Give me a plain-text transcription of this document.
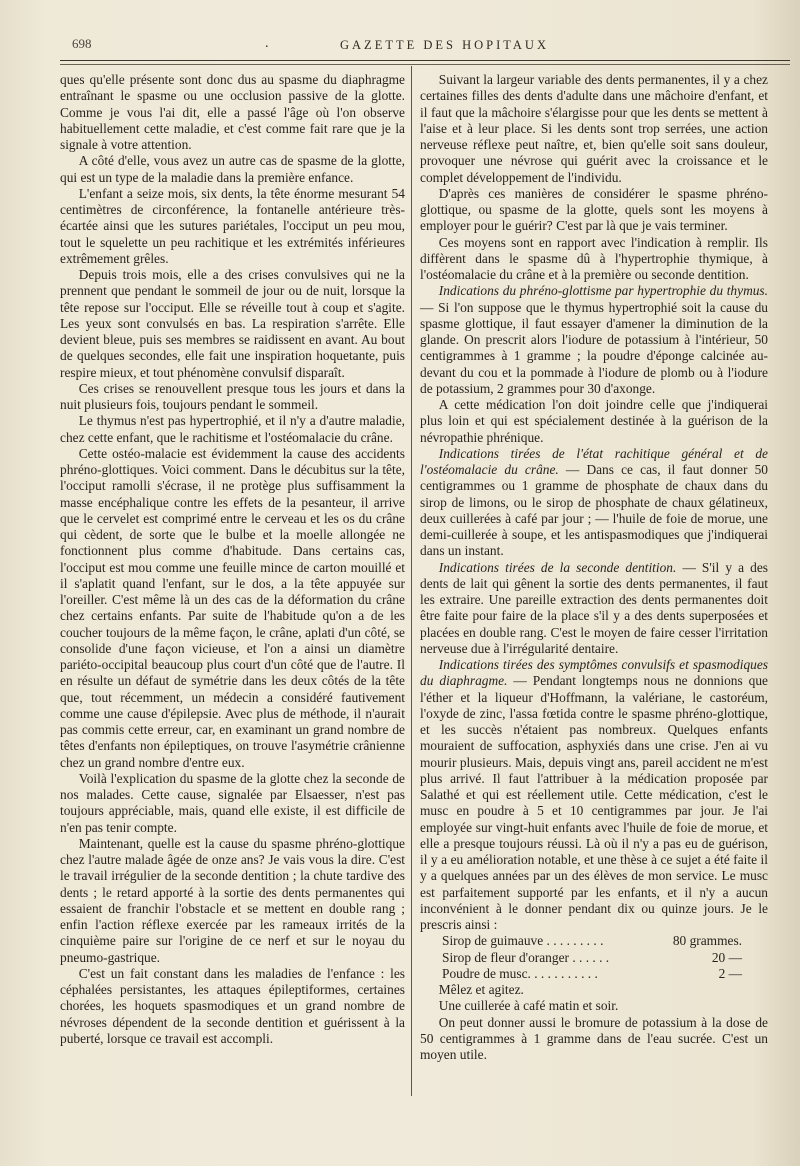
698	.	GAZETTE DES HOPITAUX

ques qu'elle présente sont donc dus au spasme du diaphragme entraînant le spasme ou une occlusion passive de la glotte. Comme je vous l'ai dit, elle a passé l'âge où l'on observe habituellement cette maladie, et c'est comme fait rare que je la signale à votre attention.

A côté d'elle, vous avez un autre cas de spasme de la glotte, qui est un type de la maladie dans la première enfance.

L'enfant a seize mois, six dents, la tête énorme mesurant 54 centimètres de circonférence, la fontanelle antérieure très-écartée ainsi que les sutures pariétales, l'occiput un peu mou, tout le squelette un peu rachitique et les extrémités inférieures extrêmement grêles.

Depuis trois mois, elle a des crises convulsives qui ne la prennent que pendant le sommeil de jour ou de nuit, lorsque la tête repose sur l'occiput. Elle se réveille tout à coup et s'agite. Les yeux sont convulsés en bas. La respiration s'arrête. Elle devient bleue, puis ses membres se raidissent en avant. Au bout de quelques secondes, elle fait une inspiration hoquetante, puis respire mieux, et tout phénomène convulsif disparaît.

Ces crises se renouvellent presque tous les jours et dans la nuit plusieurs fois, toujours pendant le sommeil.

Le thymus n'est pas hypertrophié, et il n'y a d'autre maladie, chez cette enfant, que le rachitisme et l'ostéomalacie du crâne.

Cette ostéo-malacie est évidemment la cause des accidents phréno-glottiques. Voici comment. Dans le décubitus sur la tête, l'occiput ramolli s'écrase, il ne protège plus suffisamment la masse encéphalique contre les effets de la pesanteur, il arrive que le cervelet est comprimé entre le cerveau et les os du crâne qui cèdent, de sorte que le bulbe et la moelle allongée ne fonctionnent plus comme d'habitude. Dans certains cas, l'occiput est mou comme une feuille mince de carton mouillé et il s'aplatit quand l'enfant, sur le dos, a la tête appuyée sur l'oreiller. C'est même là un des cas de la déformation du crâne chez certains enfants. Par suite de l'habitude qu'on a de les coucher toujours de la même façon, le crâne, aplati d'un côté, se consolide d'une façon vicieuse, et l'on a ainsi un diamètre pariéto-occipital beaucoup plus court d'un côté que de l'autre. Il en résulte un défaut de symétrie dans les deux côtés de la tête que, tout récemment, un médecin a considéré fautivement comme une cause d'épilepsie. Avec plus de méthode, il n'aurait pas commis cette erreur, car, en examinant un grand nombre de têtes d'enfants non épileptiques, on trouve l'asymétrie crânienne chez un grand nombre d'entre eux.

Voilà l'explication du spasme de la glotte chez la seconde de nos malades. Cette cause, signalée par Elsaesser, n'est pas toujours appréciable, mais, quand elle existe, il est difficile de n'en pas tenir compte.

Maintenant, quelle est la cause du spasme phréno-glottique chez l'autre malade âgée de onze ans? Je vais vous la dire. C'est le travail irrégulier de la seconde dentition ; la chute tardive des dents ; le retard apporté à la sortie des dents permanentes qui essaient de franchir l'obstacle et se mettent en double rang ; enfin l'action réflexe exercée par les rameaux irrités de la cinquième paire sur l'origine de ce nerf et sur le noyau du pneumo-gastrique.

C'est un fait constant dans les maladies de l'enfance : les céphalées persistantes, les attaques épileptiformes, certaines chorées, les hoquets spasmodiques et un grand nombre de névroses dépendent de la seconde dentition et guérissent à la puberté, lorsque ce travail est accompli.

Suivant la largeur variable des dents permanentes, il y a chez certaines filles des dents d'adulte dans une mâchoire d'enfant, et il faut que la mâchoire s'élargisse pour que les dents se mettent à l'aise et à leur place. Si les dents sont trop serrées, une action nerveuse réflexe peut naître, et, bien qu'elle soit sans douleur, provoquer une névrose qui guérit avec la croissance et le complet développement de l'individu.

D'après ces manières de considérer le spasme phréno-glottique, ou spasme de la glotte, quels sont les moyens à employer pour le guérir? C'est par là que je vais terminer.

Ces moyens sont en rapport avec l'indication à remplir. Ils diffèrent dans le spasme dû à l'hypertrophie thymique, à l'ostéomalacie du crâne et à la première ou seconde dentition.

Indications du phréno-glottisme par hypertrophie du thymus. — Si l'on suppose que le thymus hypertrophié soit la cause du spasme glottique, il faut essayer d'amener la diminution de la glande. On prescrit alors l'iodure de potassium à l'intérieur, 50 centigrammes à 1 gramme ; la poudre d'éponge calcinée au-devant du cou et la pommade à l'iodure de plomb ou à l'iodure de potassium, 2 grammes pour 30 d'axonge.

A cette médication l'on doit joindre celle que j'indiquerai plus loin et qui est spécialement destinée à la guérison de la névropathie phrénique.

Indications tirées de l'état rachitique général et de l'ostéomalacie du crâne. — Dans ce cas, il faut donner 50 centigrammes ou 1 gramme de phosphate de chaux dans du sirop de limons, ou le sirop de phosphate de chaux gélatineux, deux cuillerées à café par jour ; — l'huile de foie de morue, une demi-cuillerée à soupe, et les antispasmodiques que j'indiquerai dans un instant.

Indications tirées de la seconde dentition. — S'il y a des dents de lait qui gênent la sortie des dents permanentes, il faut les extraire. Une pareille extraction des dents permanentes doit être faite pour faire de la place s'il y a des dents superposées et placées en double rang. C'est le moyen de faire cesser l'irritation nerveuse due à l'irrégularité dentaire.

Indications tirées des symptômes convulsifs et spasmodiques du diaphragme. — Pendant longtemps nous ne donnions que l'éther et la liqueur d'Hoffmann, la valériane, le castoréum, l'oxyde de zinc, l'assa fœtida contre le spasme phréno-glottique, et les succès n'étaient pas nombreux. Quelques enfants mouraient de suffocation, asphyxiés dans une crise. J'en ai vu mourir plusieurs. Mais, depuis vingt ans, pareil accident ne m'est plus arrivé. Il faut l'attribuer à la médication proposée par Salathé et qui est réellement utile. Cette médication, c'est le musc en poudre à 5 et 10 centigrammes par jour. Je l'ai employée sur vingt-huit enfants avec l'huile de foie de morue, et elle a presque toujours réussi. Là où il n'y a pas eu de guérison, il y a eu amélioration notable, et une thèse à ce sujet a été faite il y a quelques années par un des élèves de mon service. Le musc est parfaitement supporté par les enfants, et il n'y a aucun inconvénient à le donner pendant dix ou quinze jours. Je le prescris ainsi :

Sirop de guimauve . . . . . . . . .	80 grammes.
Sirop de fleur d'oranger . . . . . .	20 —
Poudre de musc. . . . . . . . . . .	2 —

Mêlez et agitez.

Une cuillerée à café matin et soir.

On peut donner aussi le bromure de potassium à la dose de 50 centigrammes à 1 gramme dans de l'eau sucrée. C'est un moyen utile.
